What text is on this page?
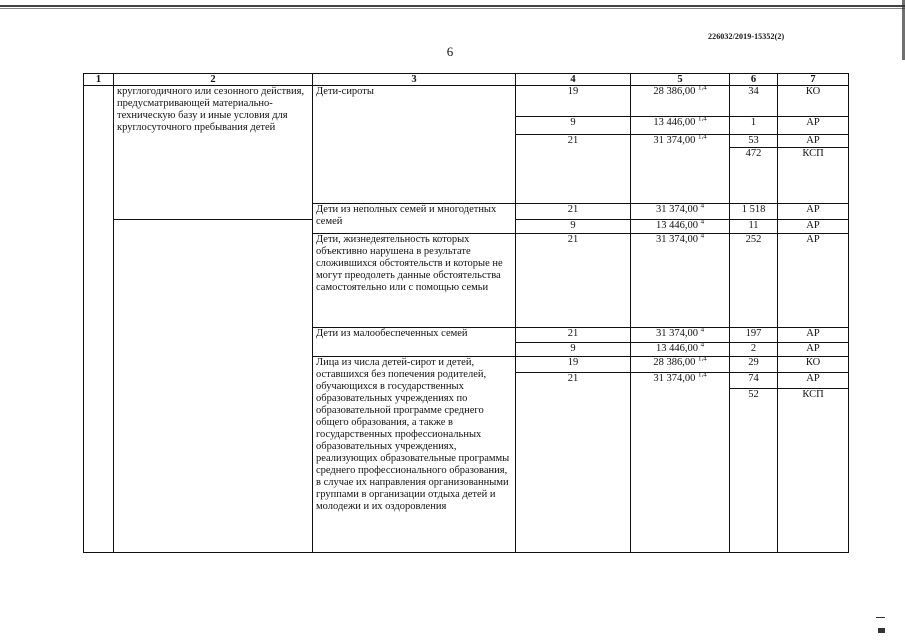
226032/2019-15352(2)
6
1	2	3	4	5	6	7
	круглогодичного или сезонного действия, предусматривающей материально-техническую базу и иные условия для круглосуточного пребывания детей	Дети-сироты	19	28 386,00 $^{1,4}$	34	КО
			9	13 446,00 $^{1,4}$	1	АР
			21	31 374,00 $^{1,4}$	53	АР
					472	КСП
		Дети из неполных семей и многодетных семей	21	31 374,00 $^4$	1 518	АР
			9	13 446,00 $^4$	11	АР
		Дети, жизнедеятельность которых объективно нарушена в результате сложившихся обстоятельств и которые не могут преодолеть данные обстоятельства самостоятельно или с помощью семьи	21	31 374,00 $^4$	252	АР
		Дети из малообеспеченных семей	21	31 374,00 $^4$	197	АР
			9	13 446,00 $^4$	2	АР
		Лица из числа детей-сирот и детей, оставшихся без попечения родителей, обучающихся в государственных образовательных учреждениях по образовательной программе среднего общего образования, а также в государственных профессиональных образовательных учреждениях, реализующих образовательные программы среднего профессионального образования, в случае их направления организованными группами в организации отдыха детей и молодежи и их оздоровления	19	28 386,00 $^{1,4}$	29	КО
			21	31 374,00 $^{1,4}$	74	АР
					52	КСП
